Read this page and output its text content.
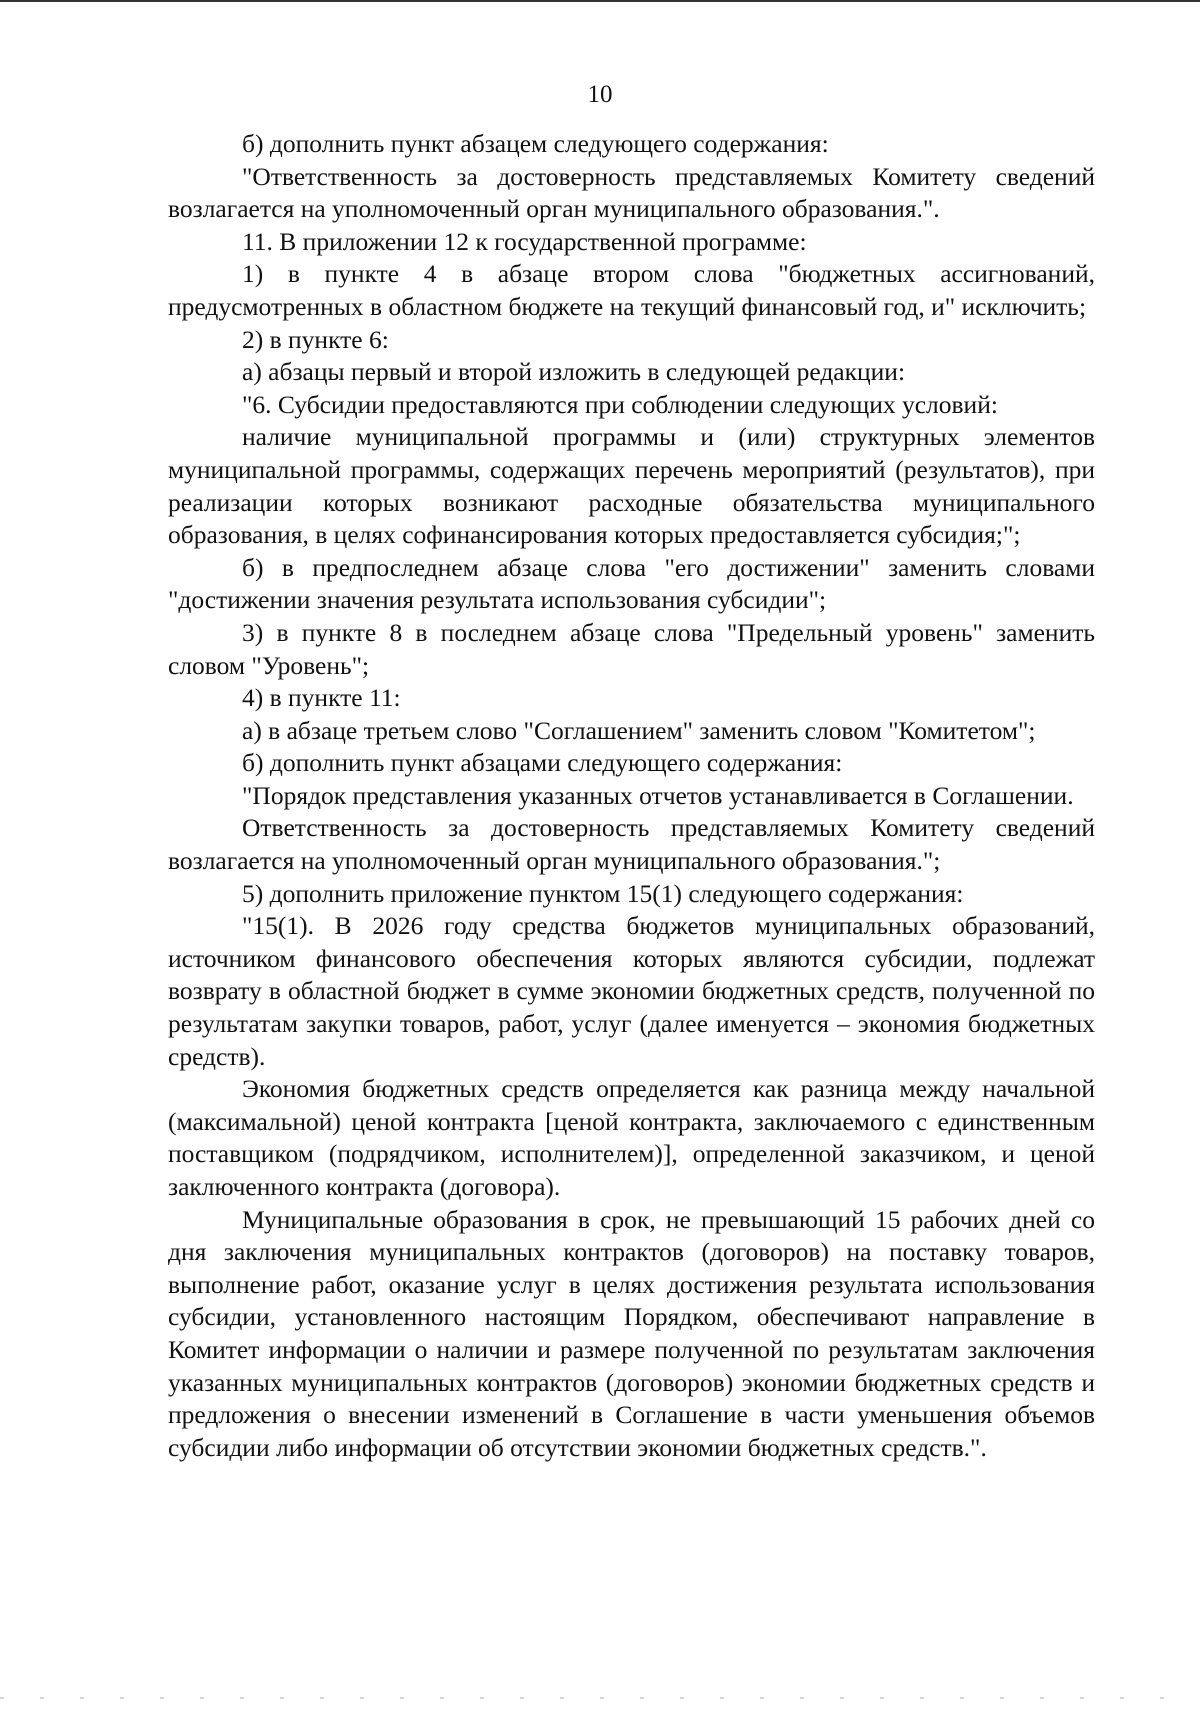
10

б) дополнить пункт абзацем следующего содержания:

"Ответственность за достоверность представляемых Комитету сведений возлагается на уполномоченный орган муниципального образования.".

11. В приложении 12 к государственной программе:

1) в пункте 4 в абзаце втором слова "бюджетных ассигнований, предусмотренных в областном бюджете на текущий финансовый год, и" исключить;

2) в пункте 6:

а) абзацы первый и второй изложить в следующей редакции:

"6. Субсидии предоставляются при соблюдении следующих условий:

наличие муниципальной программы и (или) структурных элементов муниципальной программы, содержащих перечень мероприятий (результатов), при реализации которых возникают расходные обязательства муниципального образования, в целях софинансирования которых предоставляется субсидия;";

б) в предпоследнем абзаце слова "его достижении" заменить словами "достижении значения результата использования субсидии";

3) в пункте 8 в последнем абзаце слова "Предельный уровень" заменить словом "Уровень";

4) в пункте 11:

а) в абзаце третьем слово "Соглашением" заменить словом "Комитетом";

б) дополнить пункт абзацами следующего содержания:

"Порядок представления указанных отчетов устанавливается в Соглашении.

Ответственность за достоверность представляемых Комитету сведений возлагается на уполномоченный орган муниципального образования.";

5) дополнить приложение пунктом 15(1) следующего содержания:

"15(1). В 2026 году средства бюджетов муниципальных образований, источником финансового обеспечения которых являются субсидии, подлежат возврату в областной бюджет в сумме экономии бюджетных средств, полученной по результатам закупки товаров, работ, услуг (далее именуется – экономия бюджетных средств).

Экономия бюджетных средств определяется как разница между начальной (максимальной) ценой контракта [ценой контракта, заключаемого с единственным поставщиком (подрядчиком, исполнителем)], определенной заказчиком, и ценой заключенного контракта (договора).

Муниципальные образования в срок, не превышающий 15 рабочих дней со дня заключения муниципальных контрактов (договоров) на поставку товаров, выполнение работ, оказание услуг в целях достижения результата использования субсидии, установленного настоящим Порядком, обеспечивают направление в Комитет информации о наличии и размере полученной по результатам заключения указанных муниципальных контрактов (договоров) экономии бюджетных средств и предложения о внесении изменений в Соглашение в части уменьшения объемов субсидии либо информации об отсутствии экономии бюджетных средств.".
